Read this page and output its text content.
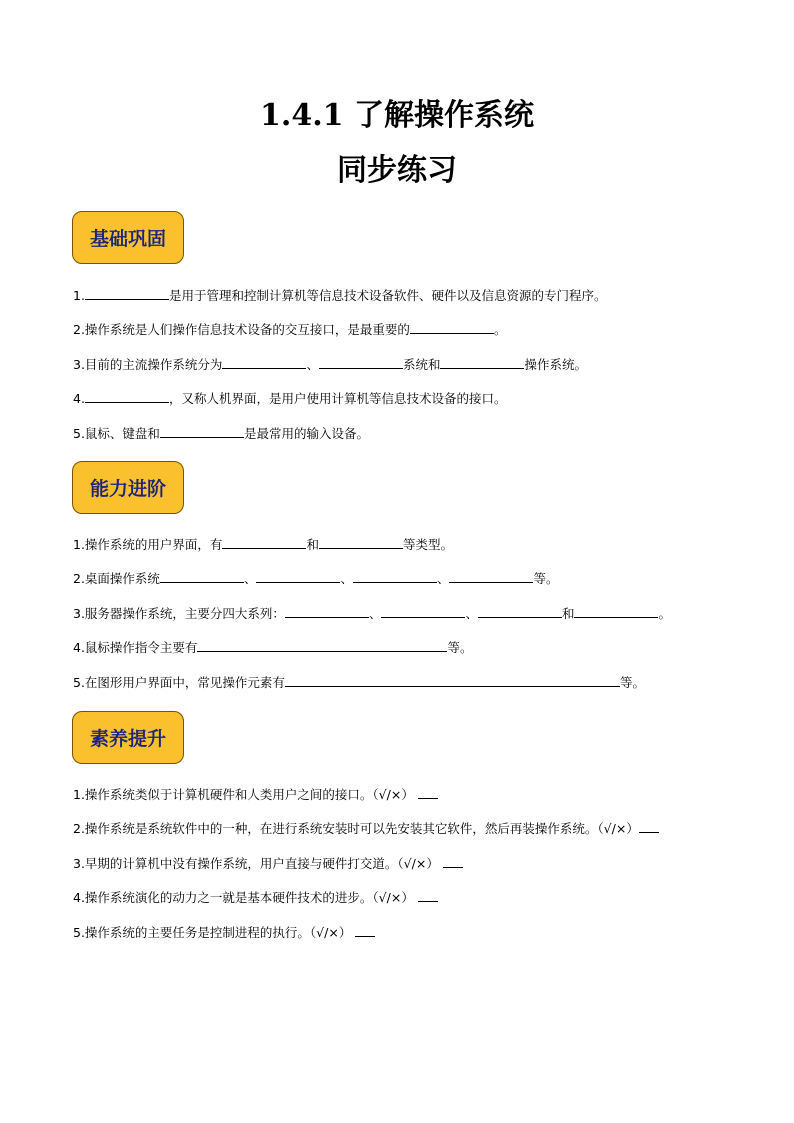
1.4.1 了解操作系统
同步练习
基础巩固
1.	是用于管理和控制计算机等信息技术设备软件、硬件以及信息资源的专门程序。
2.操作系统是人们操作信息技术设备的交互接口，是最重要的	。
3.目前的主流操作系统分为	、	系统和	操作系统。
4.	，又称人机界面，是用户使用计算机等信息技术设备的接口。
5.鼠标、键盘和	是最常用的输入设备。
能力进阶
1.操作系统的用户界面，有	和	等类型。
2.桌面操作系统	、	、	、	等。
3.服务器操作系统，主要分四大系列：	、	、	和	。
4.鼠标操作指令主要有	等。
5.在图形用户界面中，常见操作元素有	等。
素养提升
1.操作系统类似于计算机硬件和人类用户之间的接口。（√/×）
2.操作系统是系统软件中的一种，在进行系统安装时可以先安装其它软件，然后再装操作系统。（√/×）
3.早期的计算机中没有操作系统，用户直接与硬件打交道。（√/×）
4.操作系统演化的动力之一就是基本硬件技术的进步。（√/×）
5.操作系统的主要任务是控制进程的执行。（√/×）
